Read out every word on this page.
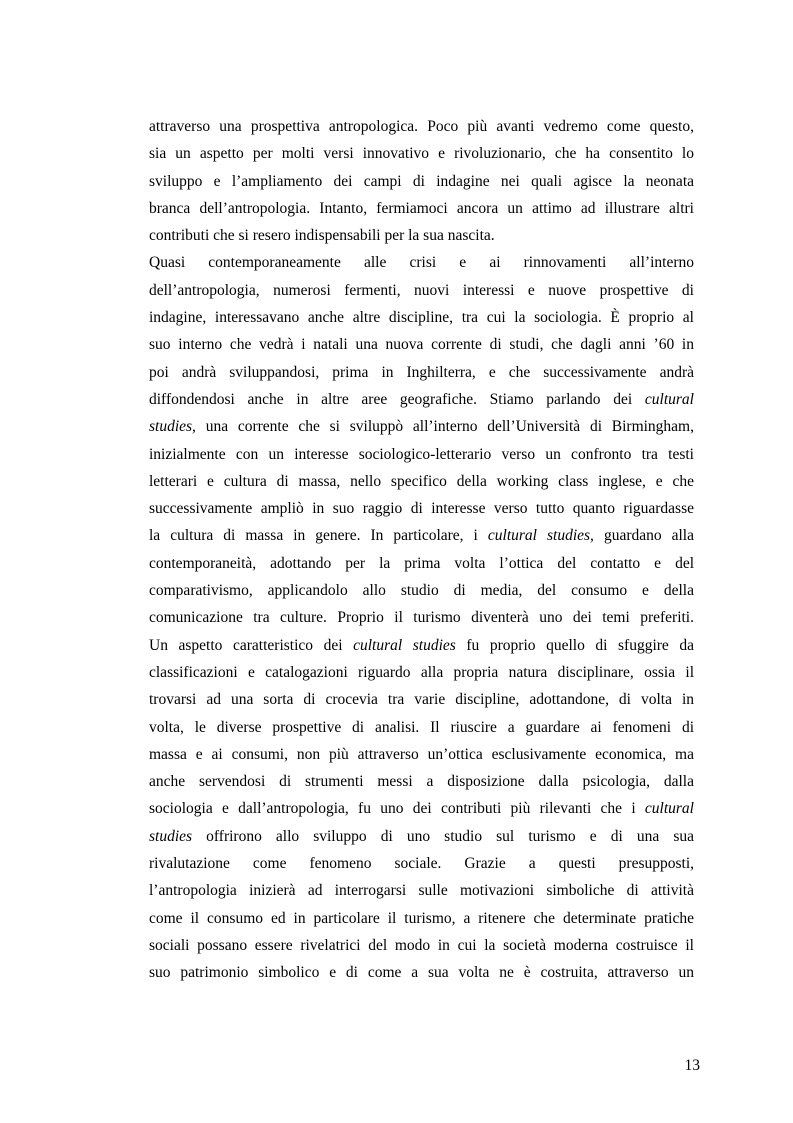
attraverso una prospettiva antropologica. Poco più avanti vedremo come questo,
sia un aspetto per molti versi innovativo e rivoluzionario, che ha consentito lo
sviluppo e l’ampliamento dei campi di indagine nei quali agisce la neonata
branca dell’antropologia. Intanto, fermiamoci ancora un attimo ad illustrare altri
contributi che si resero indispensabili per la sua nascita.
Quasi contemporaneamente alle crisi e ai rinnovamenti all’interno
dell’antropologia, numerosi fermenti, nuovi interessi e nuove prospettive di
indagine, interessavano anche altre discipline, tra cui la sociologia. È proprio al
suo interno che vedrà i natali una nuova corrente di studi, che dagli anni ’60 in
poi andrà sviluppandosi, prima in Inghilterra, e che successivamente andrà
diffondendosi anche in altre aree geografiche. Stiamo parlando dei cultural
studies, una corrente che si sviluppò all’interno dell’Università di Birmingham,
inizialmente con un interesse sociologico-letterario verso un confronto tra testi
letterari e cultura di massa, nello specifico della working class inglese, e che
successivamente ampliò in suo raggio di interesse verso tutto quanto riguardasse
la cultura di massa in genere. In particolare, i cultural studies, guardano alla
contemporaneità, adottando per la prima volta l’ottica del contatto e del
comparativismo, applicandolo allo studio di media, del consumo e della
comunicazione tra culture. Proprio il turismo diventerà uno dei temi preferiti.
Un aspetto caratteristico dei cultural studies fu proprio quello di sfuggire da
classificazioni e catalogazioni riguardo alla propria natura disciplinare, ossia il
trovarsi ad una sorta di crocevia tra varie discipline, adottandone, di volta in
volta, le diverse prospettive di analisi. Il riuscire a guardare ai fenomeni di
massa e ai consumi, non più attraverso un’ottica esclusivamente economica, ma
anche servendosi di strumenti messi a disposizione dalla psicologia, dalla
sociologia e dall’antropologia, fu uno dei contributi più rilevanti che i cultural
studies offrirono allo sviluppo di uno studio sul turismo e di una sua
rivalutazione come fenomeno sociale. Grazie a questi presupposti,
l’antropologia inizierà ad interrogarsi sulle motivazioni simboliche di attività
come il consumo ed in particolare il turismo, a ritenere che determinate pratiche
sociali possano essere rivelatrici del modo in cui la società moderna costruisce il
suo patrimonio simbolico e di come a sua volta ne è costruita, attraverso un
13
